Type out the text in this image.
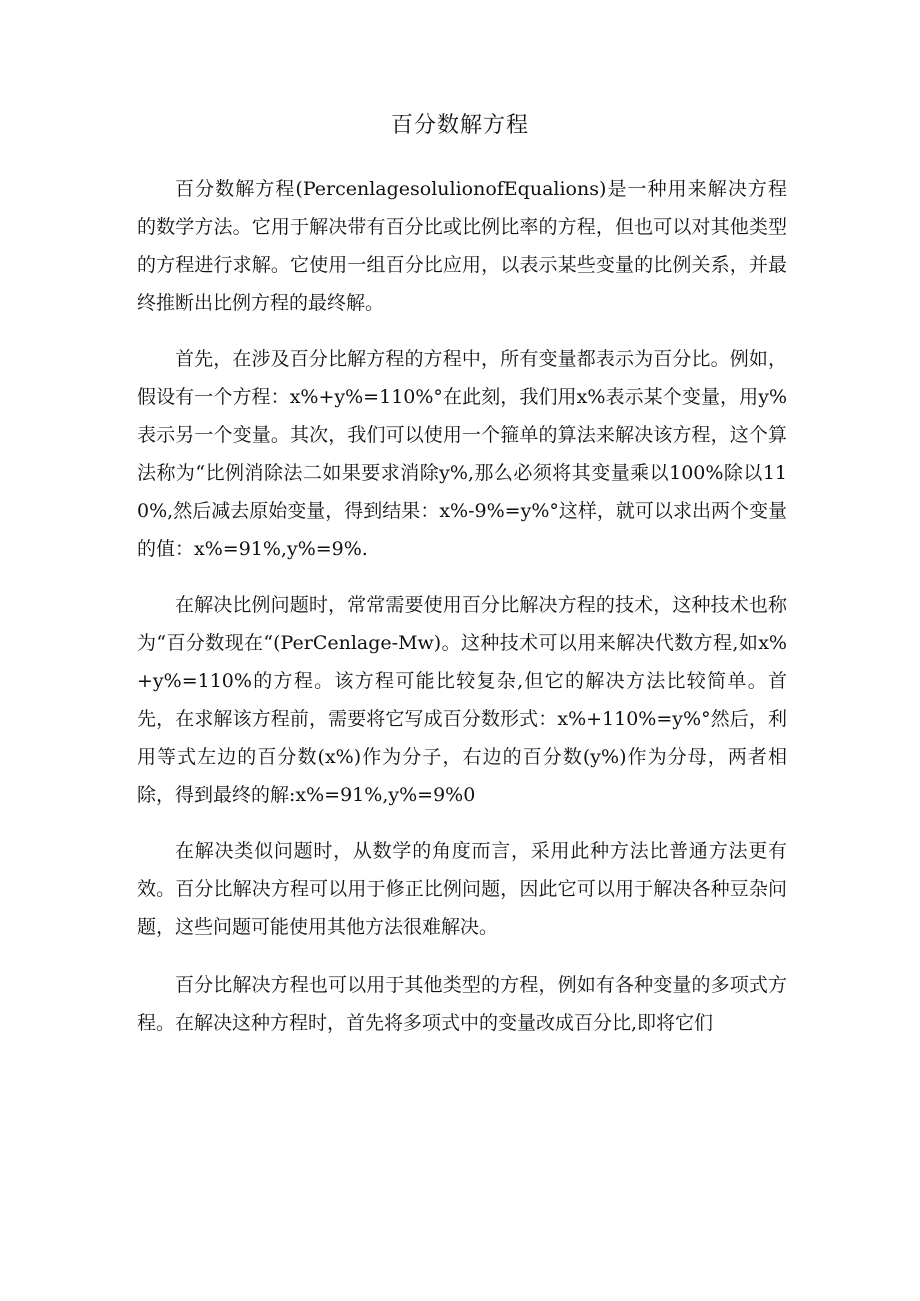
百分数解方程

百分数解方程(PercenlagesolulionofEqualions)是一种用来解决方程的数学方法。它用于解决带有百分比或比例比率的方程，但也可以对其他类型的方程进行求解。它使用一组百分比应用，以表示某些变量的比例关系，并最终推断出比例方程的最终解。

首先，在涉及百分比解方程的方程中，所有变量都表示为百分比。例如，假设有一个方程：x%+y%=110%°在此刻，我们用x%表示某个变量，用y%表示另一个变量。其次，我们可以使用一个箍单的算法来解决该方程，这个算法称为“比例消除法二如果要求消除y%,那么必须将其变量乘以100%除以110%,然后减去原始变量，得到结果：x%-9%=y%°这样，就可以求出两个变量的值：x%=91%,y%=9%.

在解决比例问题时，常常需要使用百分比解决方程的技术，这种技术也称为“百分数现在“(PerCenlage-Mw)。这种技术可以用来解决代数方程,如x%+y%=110%的方程。该方程可能比较复杂,但它的解决方法比较简单。首先，在求解该方程前，需要将它写成百分数形式：x%+110%=y%°然后，利用等式左边的百分数(x%)作为分子，右边的百分数(y%)作为分母，两者相除，得到最终的解:x%=91%,y%=9%0

在解决类似问题时，从数学的角度而言，采用此种方法比普通方法更有效。百分比解决方程可以用于修正比例问题，因此它可以用于解决各种豆杂问题，这些问题可能使用其他方法很难解决。

百分比解决方程也可以用于其他类型的方程，例如有各种变量的多项式方程。在解决这种方程时，首先将多项式中的变量改成百分比,即将它们
